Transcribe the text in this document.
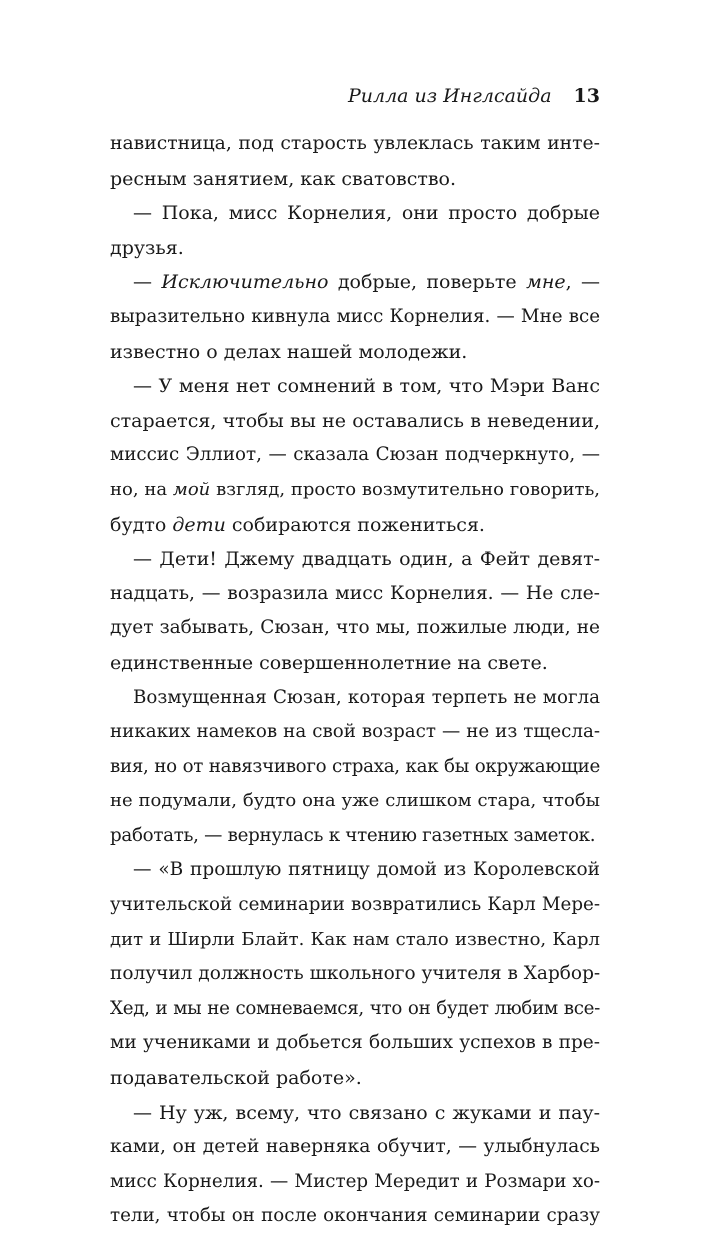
Рилла из Инглсайда 13
навистница, под старость увлеклась таким инте-
ресным занятием, как сватовство.
— Пока, мисс Корнелия, они просто добрые
друзья.
— Исключительно добрые, поверьте мне, —
выразительно кивнула мисс Корнелия. — Мне все
известно о делах нашей молодежи.
— У меня нет сомнений в том, что Мэри Ванс
старается, чтобы вы не оставались в неведении,
миссис Эллиот, — сказала Сюзан подчеркнуто, —
но, на мой взгляд, просто возмутительно говорить,
будто дети собираются пожениться.
— Дети! Джему двадцать один, а Фейт девят-
надцать, — возразила мисс Корнелия. — Не сле-
дует забывать, Сюзан, что мы, пожилые люди, не
единственные совершеннолетние на свете.
Возмущенная Сюзан, которая терпеть не могла
никаких намеков на свой возраст — не из тщесла-
вия, но от навязчивого страха, как бы окружающие
не подумали, будто она уже слишком стара, чтобы
работать, — вернулась к чтению газетных заметок.
— «В прошлую пятницу домой из Королевской
учительской семинарии возвратились Карл Мере-
дит и Ширли Блайт. Как нам стало известно, Карл
получил должность школьного учителя в Харбор-
Хед, и мы не сомневаемся, что он будет любим все-
ми учениками и добьется больших успехов в пре-
подавательской работе».
— Ну уж, всему, что связано с жуками и пау-
ками, он детей наверняка обучит, — улыбнулась
мисс Корнелия. — Мистер Мередит и Розмари хо-
тели, чтобы он после окончания семинарии сразу
